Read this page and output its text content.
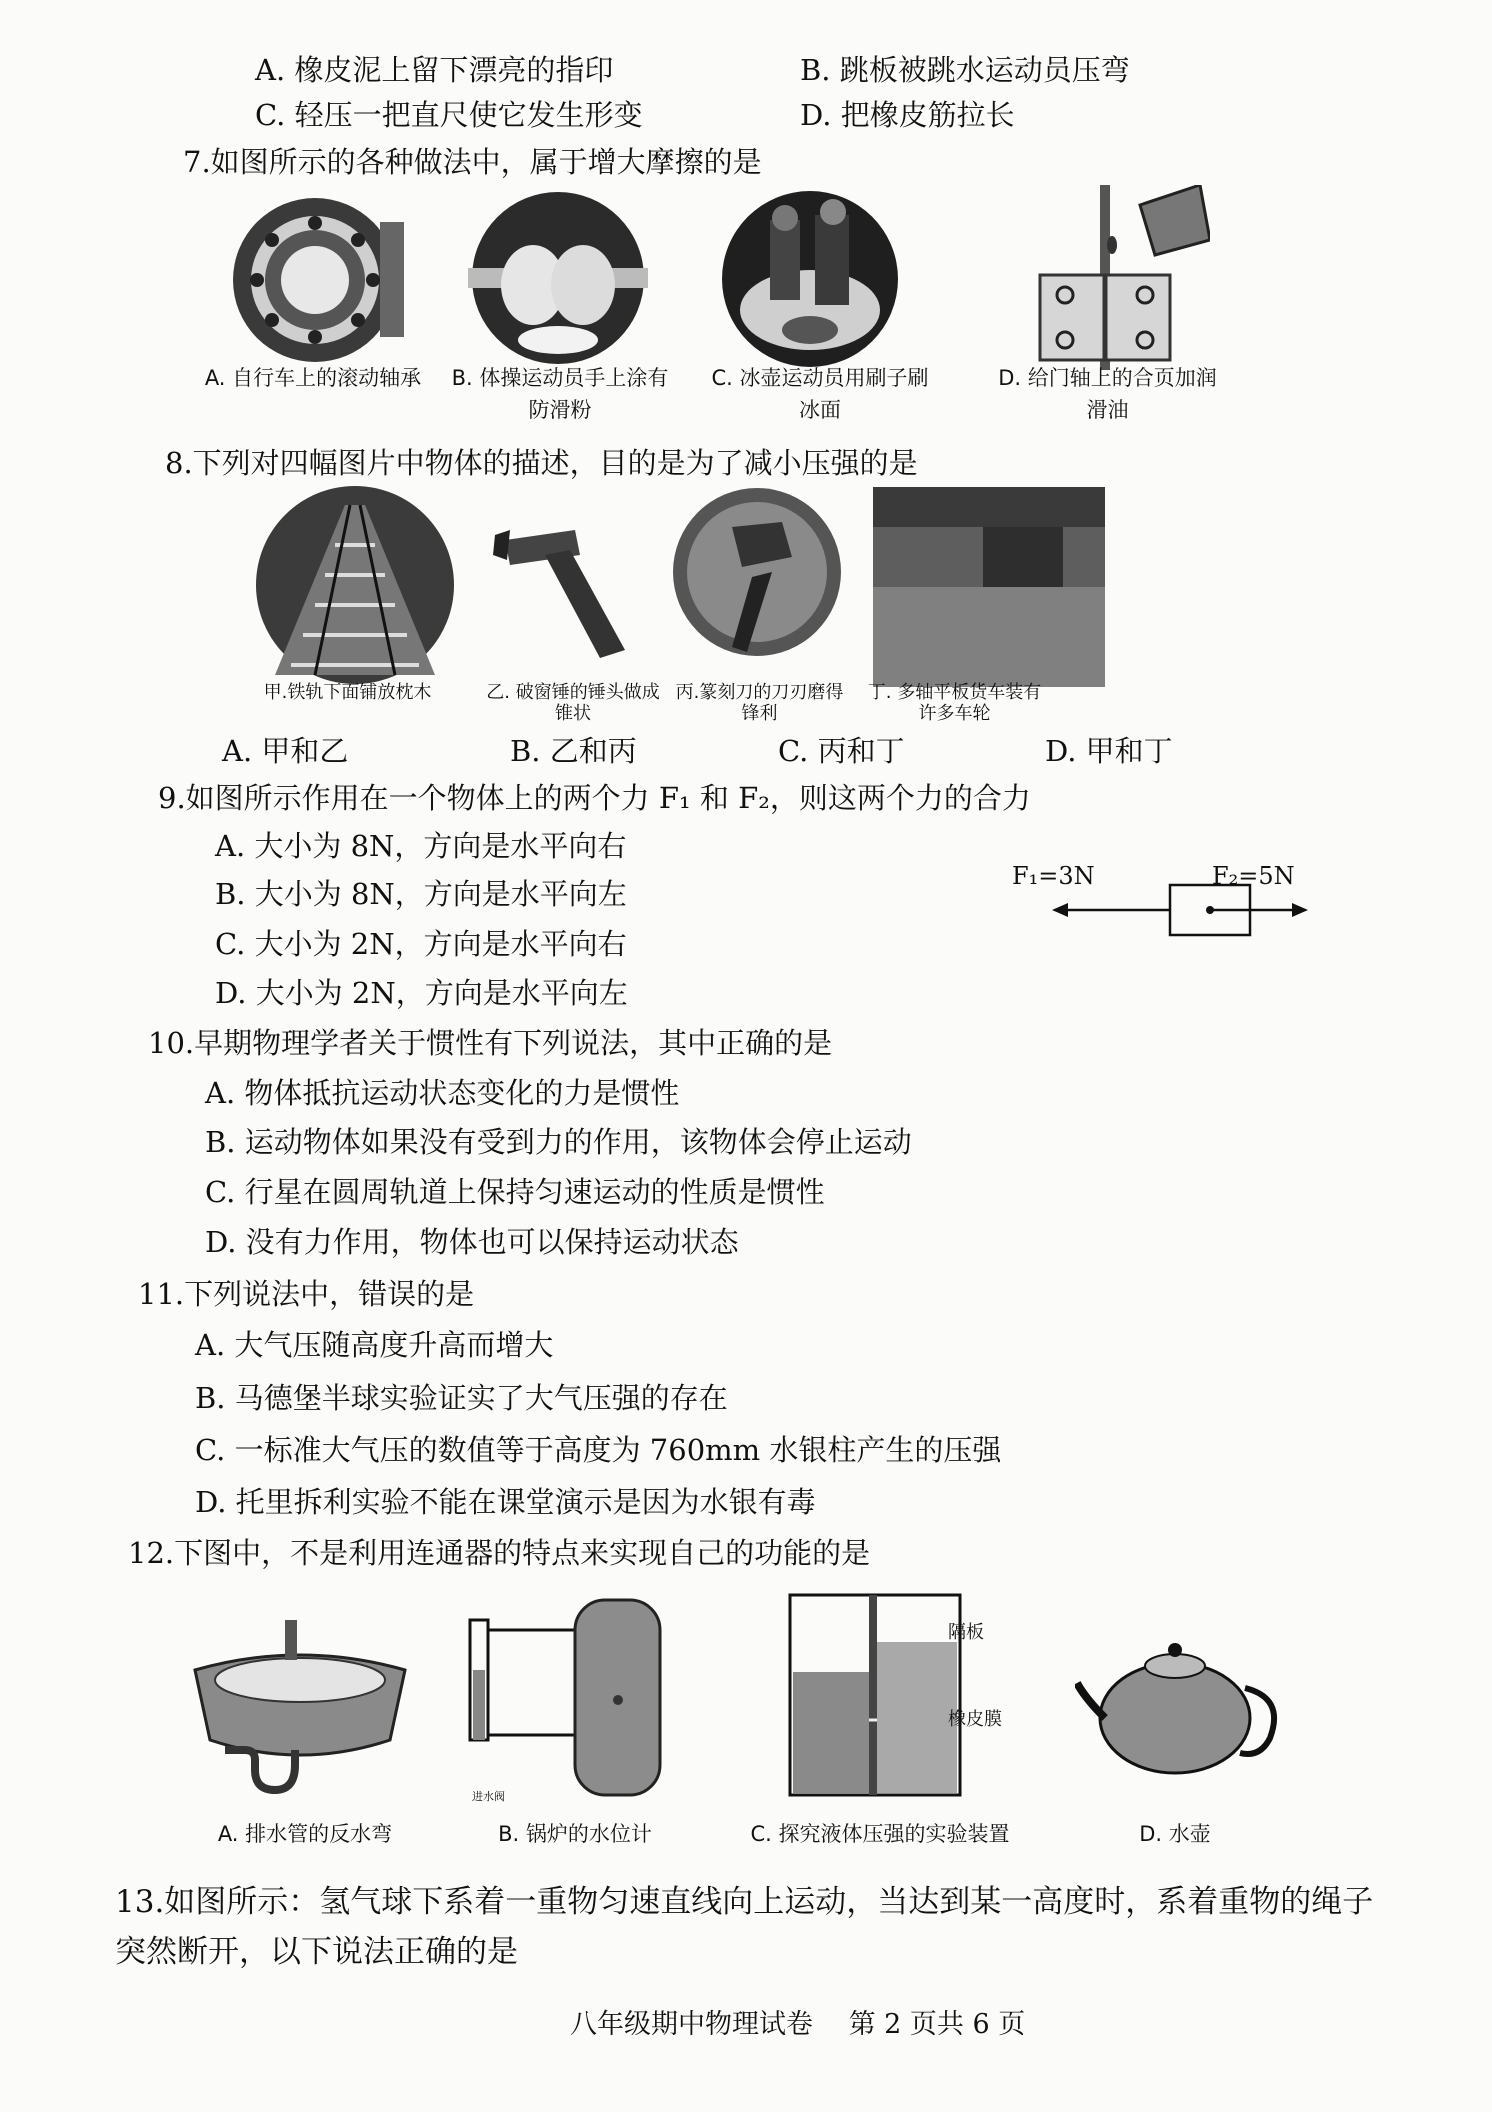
A. 橡皮泥上留下漂亮的指印	B. 跳板被跳水运动员压弯
C. 轻压一把直尺使它发生形变	D. 把橡皮筋拉长
7.如图所示的各种做法中，属于增大摩擦的是
A. 自行车上的滚动轴承	B. 体操运动员手上涂有防滑粉
C. 冰壶运动员用刷子刷冰面
D. 给门轴上的合页加润滑油
8.下列对四幅图片中物体的描述，目的是为了减小压强的是
甲.铁轨下面铺放枕木	乙. 破窗锤的锤头做成锥状
丙.篆刻刀的刀刃磨得锋利
丁. 多轴平板货车装有许多车轮
A. 甲和乙	B. 乙和丙	C. 丙和丁	D. 甲和丁
9.如图所示作用在一个物体上的两个力 F₁ 和 F₂，则这两个力的合力
A. 大小为 8N，方向是水平向右
B. 大小为 8N，方向是水平向左
C. 大小为 2N，方向是水平向右
D. 大小为 2N，方向是水平向左
F₁=3N	F₂=5N
10.早期物理学者关于惯性有下列说法，其中正确的是
A. 物体抵抗运动状态变化的力是惯性
B. 运动物体如果没有受到力的作用，该物体会停止运动
C. 行星在圆周轨道上保持匀速运动的性质是惯性
D. 没有力作用，物体也可以保持运动状态
11.下列说法中，错误的是
A. 大气压随高度升高而增大
B. 马德堡半球实验证实了大气压强的存在
C. 一标准大气压的数值等于高度为 760mm 水银柱产生的压强
D. 托里拆利实验不能在课堂演示是因为水银有毒
12.下图中，不是利用连通器的特点来实现自己的功能的是
进水阀
隔板
橡皮膜
A. 排水管的反水弯	B. 锅炉的水位计	C. 探究液体压强的实验装置	D. 水壶
13.如图所示：氢气球下系着一重物匀速直线向上运动，当达到某一高度时，系着重物的绳子
突然断开，以下说法正确的是
八年级期中物理试卷　 第 2 页共 6 页
